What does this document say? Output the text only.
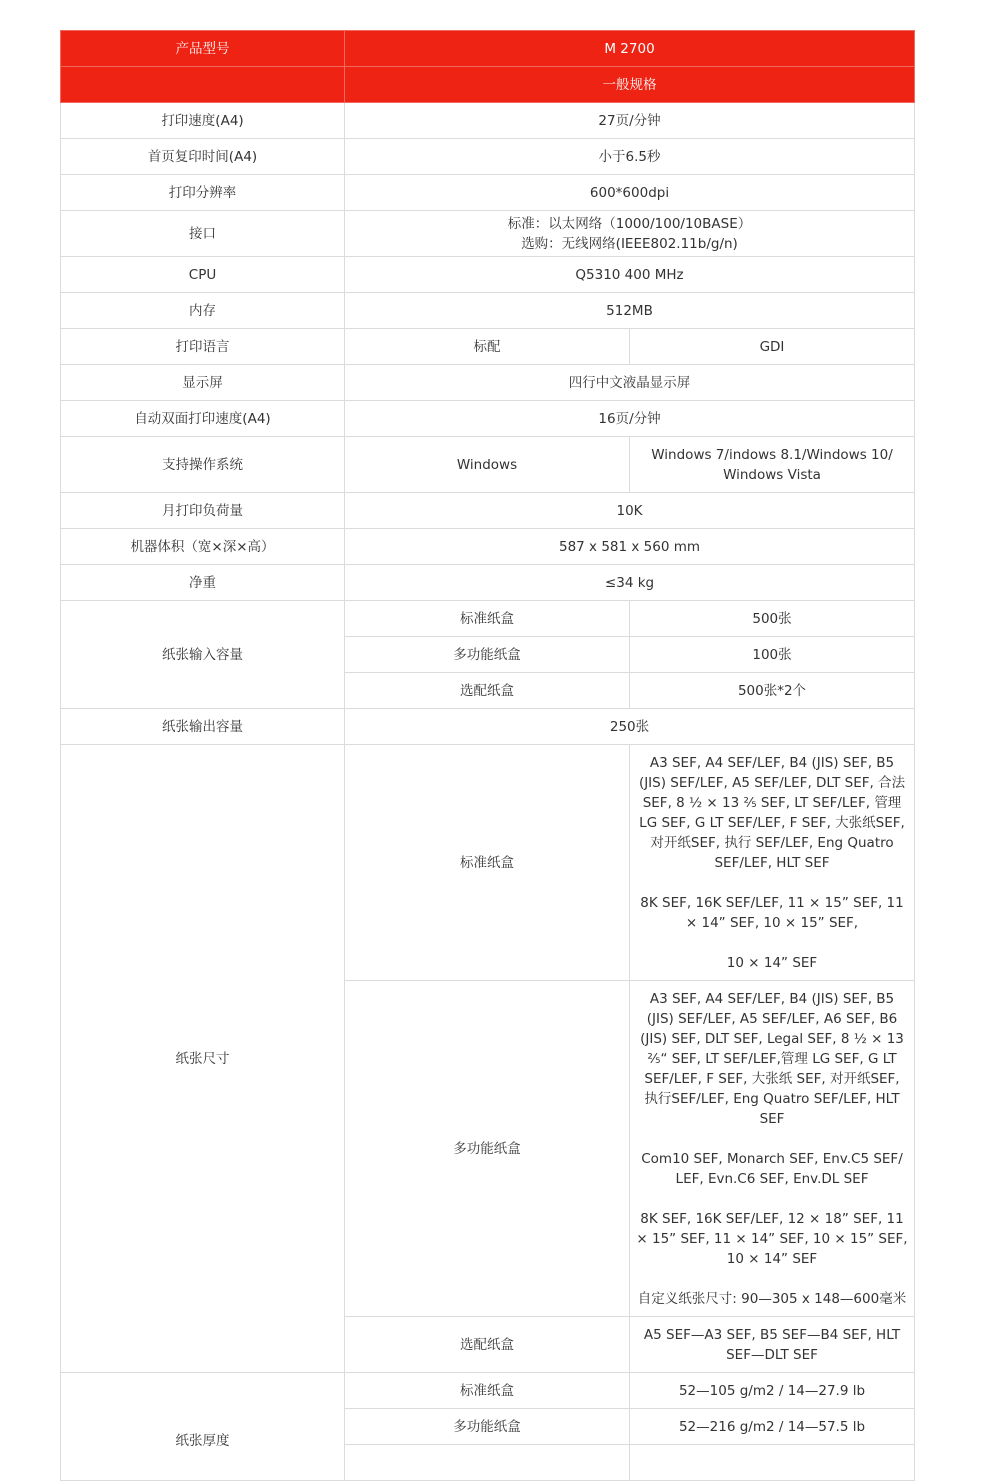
产品型号	M 2700	
	一般规格	
打印速度(A4)	27页/分钟	
首页复印时间(A4)	小于6.5秒	
打印分辨率	600*600dpi	
接口	标准：以太网络（1000/100/10BASE）
选购：无线网络(IEEE802.11b/g/n)	
CPU	Q5310 400 MHz	
内存	512MB	
打印语言	标配	GDI
显示屏	四行中文液晶显示屏	
自动双面打印速度(A4)	16页/分钟	
支持操作系统	Windows	Windows 7/indows 8.1/Windows 10/
Windows Vista
月打印负荷量	10K	
机器体积（宽×深×高）	587 x 581 x 560 mm	
净重	≤34 kg	
纸张输入容量	标准纸盒	500张
	多功能纸盒	100张
	选配纸盒	500张*2个
纸张输出容量	250张	
纸张尺寸	标准纸盒	A3 SEF, A4 SEF/LEF, B4 (JIS) SEF, B5 (JIS) SEF/LEF, A5 SEF/LEF, DLT SEF, 合法SEF, 8 ½ × 13 ⅖ SEF, LT SEF/LEF, 管理 LG SEF, G LT SEF/LEF, F SEF, 大张纸SEF, 对开纸SEF, 执行 SEF/LEF, Eng Quatro SEF/LEF, HLT SEF

8K SEF, 16K SEF/LEF, 11 × 15” SEF, 11 × 14” SEF, 10 × 15” SEF,

10 × 14” SEF
	多功能纸盒	A3 SEF, A4 SEF/LEF, B4 (JIS) SEF, B5 (JIS) SEF/LEF, A5 SEF/LEF, A6 SEF, B6 (JIS) SEF, DLT SEF, Legal SEF, 8 ½ × 13 ⅖“ SEF, LT SEF/LEF,管理 LG SEF, G LT SEF/LEF, F SEF, 大张纸 SEF, 对开纸SEF, 执行SEF/LEF, Eng Quatro SEF/LEF, HLT SEF

Com10 SEF, Monarch SEF, Env.C5 SEF/ LEF, Evn.C6 SEF, Env.DL SEF

8K SEF, 16K SEF/LEF, 12 × 18” SEF, 11 × 15” SEF, 11 × 14” SEF, 10 × 15” SEF, 10 × 14” SEF

自定义纸张尺寸: 90—305 x 148—600毫米
	选配纸盒	A5 SEF—A3 SEF, B5 SEF—B4 SEF, HLT SEF—DLT SEF
纸张厚度	标准纸盒	52—105 g/m2 / 14—27.9 lb
	多功能纸盒	52—216 g/m2 / 14—57.5 lb
